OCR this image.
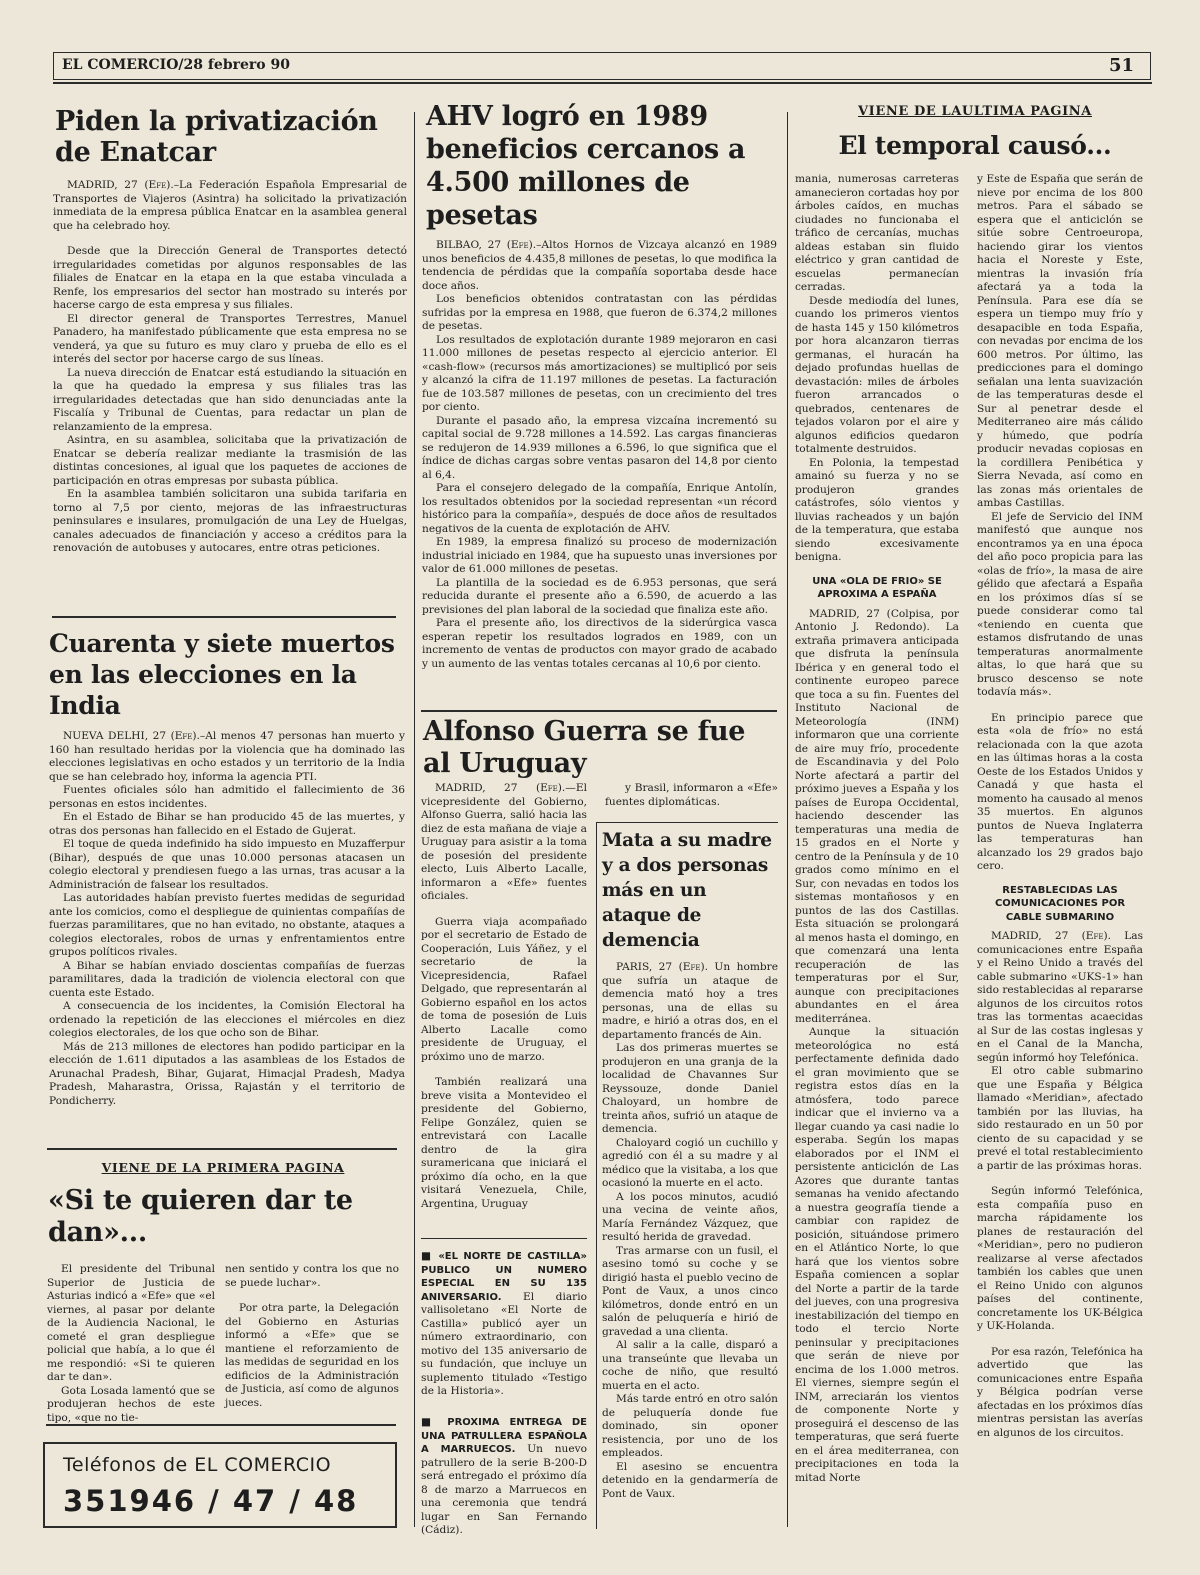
EL COMERCIO/28 febrero 90	51
Piden la privatización de Enatcar

MADRID, 27 (Efe).–La Federación Española Empresarial de Transportes de Viajeros (Asintra) ha solicitado la privatización inmediata de la empresa pública Enatcar en la asamblea general que ha celebrado hoy.

Desde que la Dirección General de Transportes detectó irregularidades cometidas por algunos responsables de las filiales de Enatcar en la etapa en la que estaba vinculada a Renfe, los empresarios del sector han mostrado su interés por hacerse cargo de esta empresa y sus filiales.

El director general de Transportes Terrestres, Manuel Panadero, ha manifestado públicamente que esta empresa no se venderá, ya que su futuro es muy claro y prueba de ello es el interés del sector por hacerse cargo de sus líneas.

La nueva dirección de Enatcar está estudiando la situación en la que ha quedado la empresa y sus filiales tras las irregularidades detectadas que han sido denunciadas ante la Fiscalía y Tribunal de Cuentas, para redactar un plan de relanzamiento de la empresa.

Asintra, en su asamblea, solicitaba que la privatización de Enatcar se debería realizar mediante la trasmisión de las distintas concesiones, al igual que los paquetes de acciones de participación en otras empresas por subasta pública.

En la asamblea también solicitaron una subida tarifaria en torno al 7,5 por ciento, mejoras de las infraestructuras peninsulares e insulares, promulgación de una Ley de Huelgas, canales adecuados de financiación y acceso a créditos para la renovación de autobuses y autocares, entre otras peticiones.

Cuarenta y siete muertos en las elecciones en la India

NUEVA DELHI, 27 (Efe).–Al menos 47 personas han muerto y 160 han resultado heridas por la violencia que ha dominado las elecciones legislativas en ocho estados y un territorio de la India que se han celebrado hoy, informa la agencia PTI.

Fuentes oficiales sólo han admitido el fallecimiento de 36 personas en estos incidentes.

En el Estado de Bihar se han producido 45 de las muertes, y otras dos personas han fallecido en el Estado de Gujerat.

El toque de queda indefinido ha sido impuesto en Muzafferpur (Bihar), después de que unas 10.000 personas atacasen un colegio electoral y prendiesen fuego a las urnas, tras acusar a la Administración de falsear los resultados.

Las autoridades habían previsto fuertes medidas de seguridad ante los comicios, como el despliegue de quinientas compañías de fuerzas paramilitares, que no han evitado, no obstante, ataques a colegios electorales, robos de urnas y enfrentamientos entre grupos políticos rivales.

A Bihar se habían enviado doscientas compañías de fuerzas paramilitares, dada la tradición de violencia electoral con que cuenta este Estado.

A consecuencia de los incidentes, la Comisión Electoral ha ordenado la repetición de las elecciones el miércoles en diez colegios electorales, de los que ocho son de Bihar.

Más de 213 millones de electores han podido participar en la elección de 1.611 diputados a las asambleas de los Estados de Arunachal Pradesh, Bihar, Gujarat, Himacjal Pradesh, Madya Pradesh, Maharastra, Orissa, Rajastán y el territorio de Pondicherry.

VIENE DE LA PRIMERA PAGINA
«Si te quieren dar te dan»...

El presidente del Tribunal Superior de Justicia de Asturias indicó a «Efe» que «el viernes, al pasar por delante de la Audiencia Nacional, le cometé el gran despliegue policial que había, a lo que él me respondió: «Si te quieren dar te dan».

Gota Losada lamentó que se produjeran hechos de este tipo, «que no tie-

nen sentido y contra los que no se puede luchar».

Por otra parte, la Delegación del Gobierno en Asturias informó a «Efe» que se mantiene el reforzamiento de las medidas de seguridad en los edificios de la Administración de Justicia, así como de algunos jueces.

Teléfonos de EL COMERCIO
351946 / 47 / 48
AHV logró en 1989 beneficios cercanos a 4.500 millones de pesetas

BILBAO, 27 (Efe).–Altos Hornos de Vizcaya alcanzó en 1989 unos beneficios de 4.435,8 millones de pesetas, lo que modifica la tendencia de pérdidas que la compañía soportaba desde hace doce años.

Los beneficios obtenidos contratastan con las pérdidas sufridas por la empresa en 1988, que fueron de 6.374,2 millones de pesetas.

Los resultados de explotación durante 1989 mejoraron en casi 11.000 millones de pesetas respecto al ejercicio anterior. El «cash-flow» (recursos más amortizaciones) se multiplicó por seis y alcanzó la cifra de 11.197 millones de pesetas. La facturación fue de 103.587 millones de pesetas, con un crecimiento del tres por ciento.

Durante el pasado año, la empresa vizcaína incrementó su capital social de 9.728 millones a 14.592. Las cargas financieras se redujeron de 14.939 millones a 6.596, lo que significa que el índice de dichas cargas sobre ventas pasaron del 14,8 por ciento al 6,4.

Para el consejero delegado de la compañía, Enrique Antolín, los resultados obtenidos por la sociedad representan «un récord histórico para la compañía», después de doce años de resultados negativos de la cuenta de explotación de AHV.

En 1989, la empresa finalizó su proceso de modernización industrial iniciado en 1984, que ha supuesto unas inversiones por valor de 61.000 millones de pesetas.

La plantilla de la sociedad es de 6.953 personas, que será reducida durante el presente año a 6.590, de acuerdo a las previsiones del plan laboral de la sociedad que finaliza este año.

Para el presente año, los directivos de la siderúrgica vasca esperan repetir los resultados logrados en 1989, con un incremento de ventas de productos con mayor grado de acabado y un aumento de las ventas totales cercanas al 10,6 por ciento.

Alfonso Guerra se fue al Uruguay

MADRID, 27 (Efe).—El vicepresidente del Gobierno, Alfonso Guerra, salió hacia las diez de esta mañana de viaje a Uruguay para asistir a la toma de posesión del presidente electo, Luis Alberto Lacalle, informaron a «Efe» fuentes oficiales.

Guerra viaja acompañado por el secretario de Estado de Cooperación, Luis Yáñez, y el secretario de la Vicepresidencia, Rafael Delgado, que representarán al Gobierno español en los actos de toma de posesión de Luis Alberto Lacalle como presidente de Uruguay, el próximo uno de marzo.

También realizará una breve visita a Montevideo el presidente del Gobierno, Felipe González, quien se entrevistará con Lacalle dentro de la gira suramericana que iniciará el próximo día ocho, en la que visitará Venezuela, Chile, Argentina, Uruguay

■ «EL NORTE DE CASTILLA» PUBLICO UN NUMERO ESPECIAL EN SU 135 ANIVERSARIO. El diario vallisoletano «El Norte de Castilla» publicó ayer un número extraordinario, con motivo del 135 aniversario de su fundación, que incluye un suplemento titulado «Testigo de la Historia».

■ PROXIMA ENTREGA DE UNA PATRULLERA ESPAÑOLA A MARRUECOS. Un nuevo patrullero de la serie B-200-D será entregado el próximo día 8 de marzo a Marruecos en una ceremonia que tendrá lugar en San Fernando (Cádiz).

y Brasil, informaron a «Efe» fuentes diplomáticas.

Mata a su madre y a dos personas más en un ataque de demencia

PARIS, 27 (Efe). Un hombre que sufría un ataque de demencia mató hoy a tres personas, una de ellas su madre, e hirió a otras dos, en el departamento francés de Ain.

Las dos primeras muertes se produjeron en una granja de la localidad de Chavannes Sur Reyssouze, donde Daniel Chaloyard, un hombre de treinta años, sufrió un ataque de demencia.

Chaloyard cogió un cuchillo y agredió con él a su madre y al médico que la visitaba, a los que ocasionó la muerte en el acto.

A los pocos minutos, acudió una vecina de veinte años, María Fernández Vázquez, que resultó herida de gravedad.

Tras armarse con un fusil, el asesino tomó su coche y se dirigió hasta el pueblo vecino de Pont de Vaux, a unos cinco kilómetros, donde entró en un salón de peluquería e hirió de gravedad a una clienta.

Al salir a la calle, disparó a una transeúnte que llevaba un coche de niño, que resultó muerta en el acto.

Más tarde entró en otro salón de peluquería donde fue dominado, sin oponer resistencia, por uno de los empleados.

El asesino se encuentra detenido en la gendarmería de Pont de Vaux.

VIENE DE LAULTIMA PAGINA
El temporal causó...

mania, numerosas carreteras amanecieron cortadas hoy por árboles caídos, en muchas ciudades no funcionaba el tráfico de cercanías, muchas aldeas estaban sin fluido eléctrico y gran cantidad de escuelas permanecían cerradas.

Desde mediodía del lunes, cuando los primeros vientos de hasta 145 y 150 kilómetros por hora alcanzaron tierras germanas, el huracán ha dejado profundas huellas de devastación: miles de árboles fueron arrancados o quebrados, centenares de tejados volaron por el aire y algunos edificios quedaron totalmente destruidos.

En Polonia, la tempestad amainó su fuerza y no se produjeron grandes catástrofes, sólo vientos y lluvias racheados y un bajón de la temperatura, que estaba siendo excesivamente benigna.

UNA «OLA DE FRIO» SE APROXIMA A ESPAÑA

MADRID, 27 (Colpisa, por Antonio J. Redondo). La extraña primavera anticipada que disfruta la península Ibérica y en general todo el continente europeo parece que toca a su fin. Fuentes del Instituto Nacional de Meteorología (INM) informaron que una corriente de aire muy frío, procedente de Escandinavia y del Polo Norte afectará a partir del próximo jueves a España y los países de Europa Occidental, haciendo descender las temperaturas una media de 15 grados en el Norte y centro de la Península y de 10 grados como mínimo en el Sur, con nevadas en todos los sistemas montañosos y en puntos de las dos Castillas. Esta situación se prolongará al menos hasta el domingo, en que comenzará una lenta recuperación de las temperaturas por el Sur, aunque con precipitaciones abundantes en el área mediterránea.

Aunque la situación meteorológica no está perfectamente definida dado el gran movimiento que se registra estos días en la atmósfera, todo parece indicar que el invierno va a llegar cuando ya casi nadie lo esperaba. Según los mapas elaborados por el INM el persistente anticiclón de Las Azores que durante tantas semanas ha venido afectando a nuestra geografía tiende a cambiar con rapidez de posición, situándose primero en el Atlántico Norte, lo que hará que los vientos sobre España comiencen a soplar del Norte a partir de la tarde del jueves, con una progresiva inestabilización del tiempo en todo el tercio Norte peninsular y precipitaciones que serán de nieve por encima de los 1.000 metros. El viernes, siempre según el INM, arreciarán los vientos de componente Norte y proseguirá el descenso de las temperaturas, que será fuerte en el área mediterranea, con precipitaciones en toda la mitad Norte

y Este de España que serán de nieve por encima de los 800 metros. Para el sábado se espera que el anticiclón se sitúe sobre Centroeuropa, haciendo girar los vientos hacia el Noreste y Este, mientras la invasión fría afectará ya a toda la Península. Para ese día se espera un tiempo muy frío y desapacible en toda España, con nevadas por encima de los 600 metros. Por último, las predicciones para el domingo señalan una lenta suavización de las temperaturas desde el Sur al penetrar desde el Mediterraneo aire más cálido y húmedo, que podría producir nevadas copiosas en la cordillera Penibética y Sierra Nevada, así como en las zonas más orientales de ambas Castillas.

El jefe de Servicio del INM manifestó que aunque nos encontramos ya en una época del año poco propicia para las «olas de frío», la masa de aire gélido que afectará a España en los próximos días sí se puede considerar como tal «teniendo en cuenta que estamos disfrutando de unas temperaturas anormalmente altas, lo que hará que su brusco descenso se note todavía más».

En principio parece que esta «ola de frío» no está relacionada con la que azota en las últimas horas a la costa Oeste de los Estados Unidos y Canadá y que hasta el momento ha causado al menos 35 muertos. En algunos puntos de Nueva Inglaterra las temperaturas han alcanzado los 29 grados bajo cero.

RESTABLECIDAS LAS COMUNICACIONES POR CABLE SUBMARINO

MADRID, 27 (Efe). Las comunicaciones entre España y el Reino Unido a través del cable submarino «UKS-1» han sido restablecidas al repararse algunos de los circuitos rotos tras las tormentas acaecidas al Sur de las costas inglesas y en el Canal de la Mancha, según informó hoy Telefónica.

El otro cable submarino que une España y Bélgica llamado «Meridian», afectado también por las lluvias, ha sido restaurado en un 50 por ciento de su capacidad y se prevé el total restablecimiento a partir de las próximas horas.

Según informó Telefónica, esta compañía puso en marcha rápidamente los planes de restauración del «Meridian», pero no pudieron realizarse al verse afectados también los cables que unen el Reino Unido con algunos países del continente, concretamente los UK-Bélgica y UK-Holanda.

Por esa razón, Telefónica ha advertido que las comunicaciones entre España y Bélgica podrían verse afectadas en los próximos días mientras persistan las averías en algunos de los circuitos.
